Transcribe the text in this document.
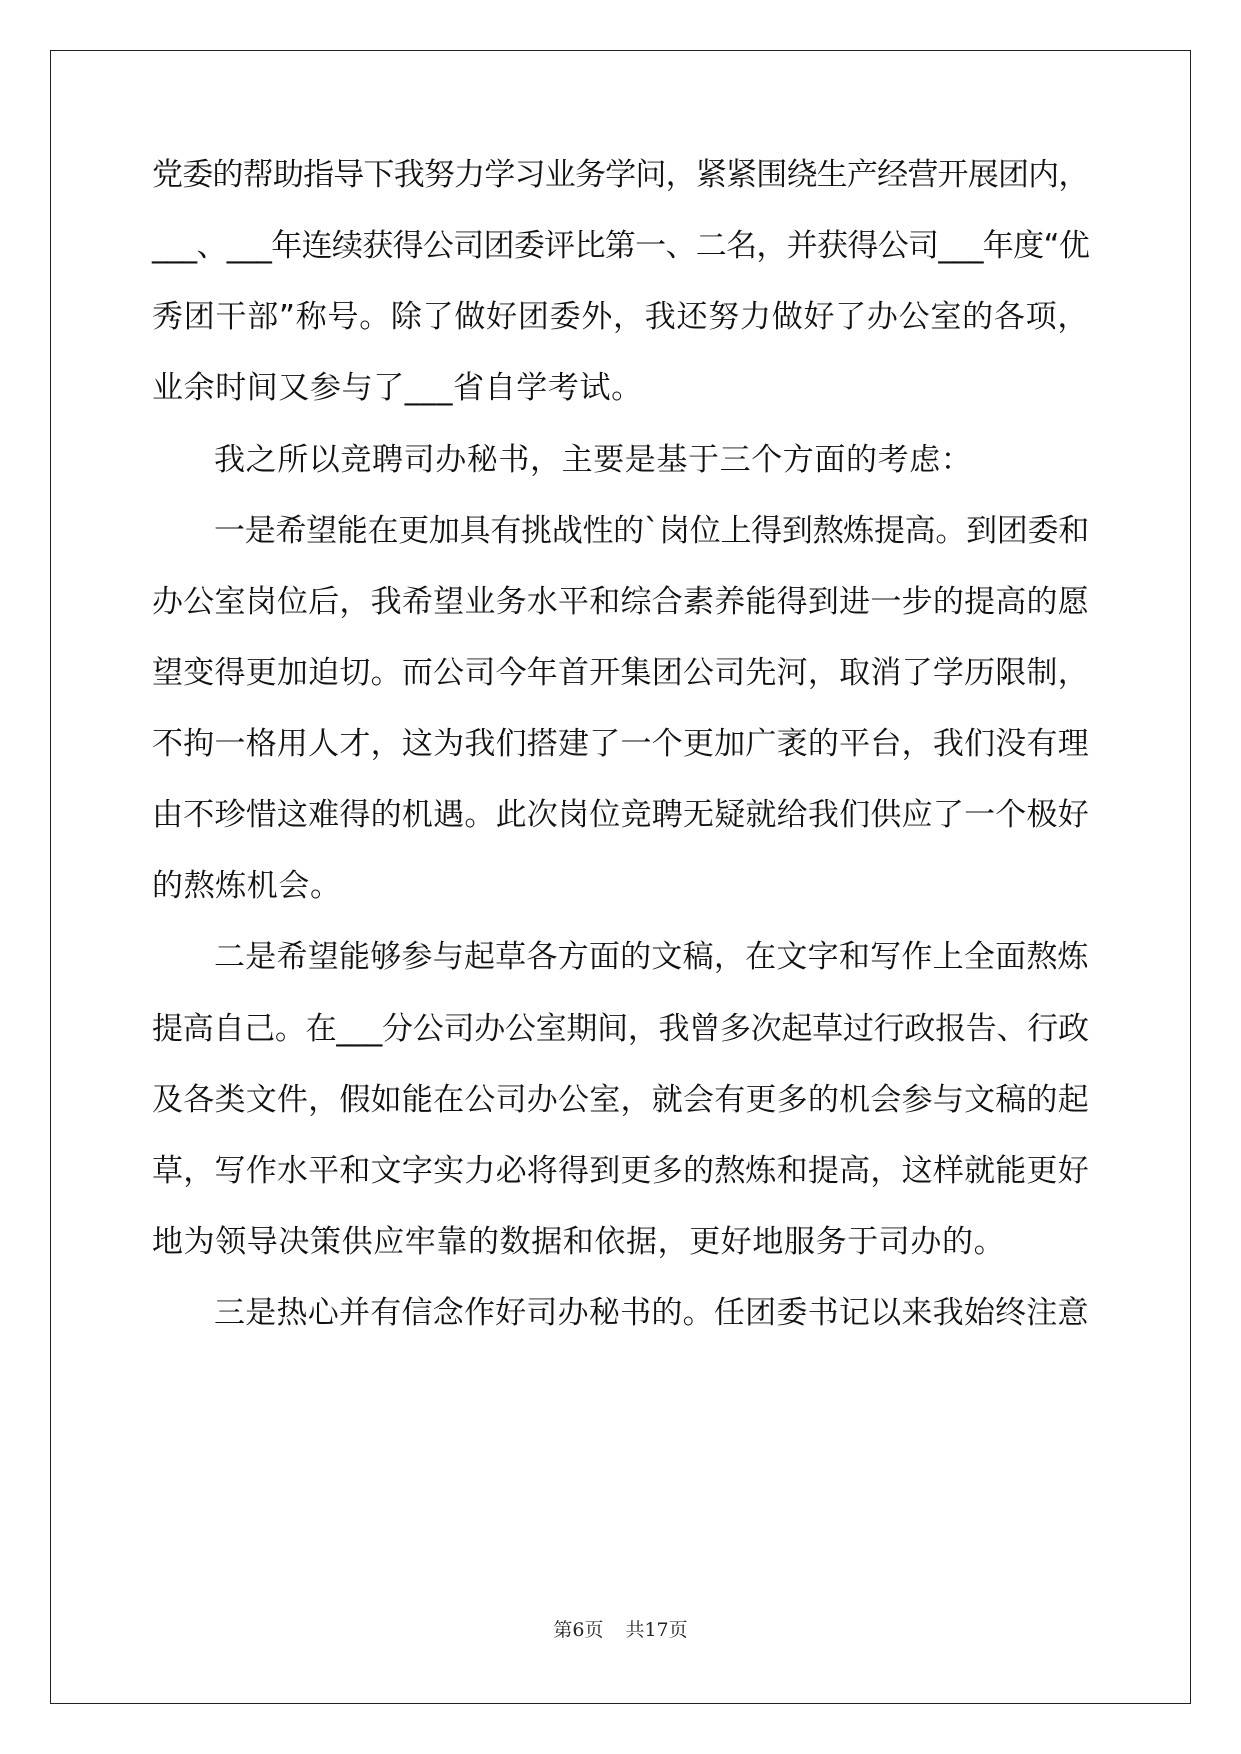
党委的帮助指导下我努力学习业务学问，紧紧围绕生产经营开展团内，
___、___年连续获得公司团委评比第一、二名，并获得公司___年度“优
秀团干部”称号。除了做好团委外，我还努力做好了办公室的各项，
业余时间又参与了___省自学考试。
我之所以竞聘司办秘书，主要是基于三个方面的考虑：
一是希望能在更加具有挑战性的`岗位上得到熬炼提高。到团委和
办公室岗位后，我希望业务水平和综合素养能得到进一步的提高的愿
望变得更加迫切。而公司今年首开集团公司先河，取消了学历限制，
不拘一格用人才，这为我们搭建了一个更加广袤的平台，我们没有理
由不珍惜这难得的机遇。此次岗位竞聘无疑就给我们供应了一个极好
的熬炼机会。
二是希望能够参与起草各方面的文稿，在文字和写作上全面熬炼
提高自己。在___分公司办公室期间，我曾多次起草过行政报告、行政
及各类文件，假如能在公司办公室，就会有更多的机会参与文稿的起
草，写作水平和文字实力必将得到更多的熬炼和提高，这样就能更好
地为领导决策供应牢靠的数据和依据，更好地服务于司办的。
三是热心并有信念作好司办秘书的。任团委书记以来我始终注意
第6页 共17页
